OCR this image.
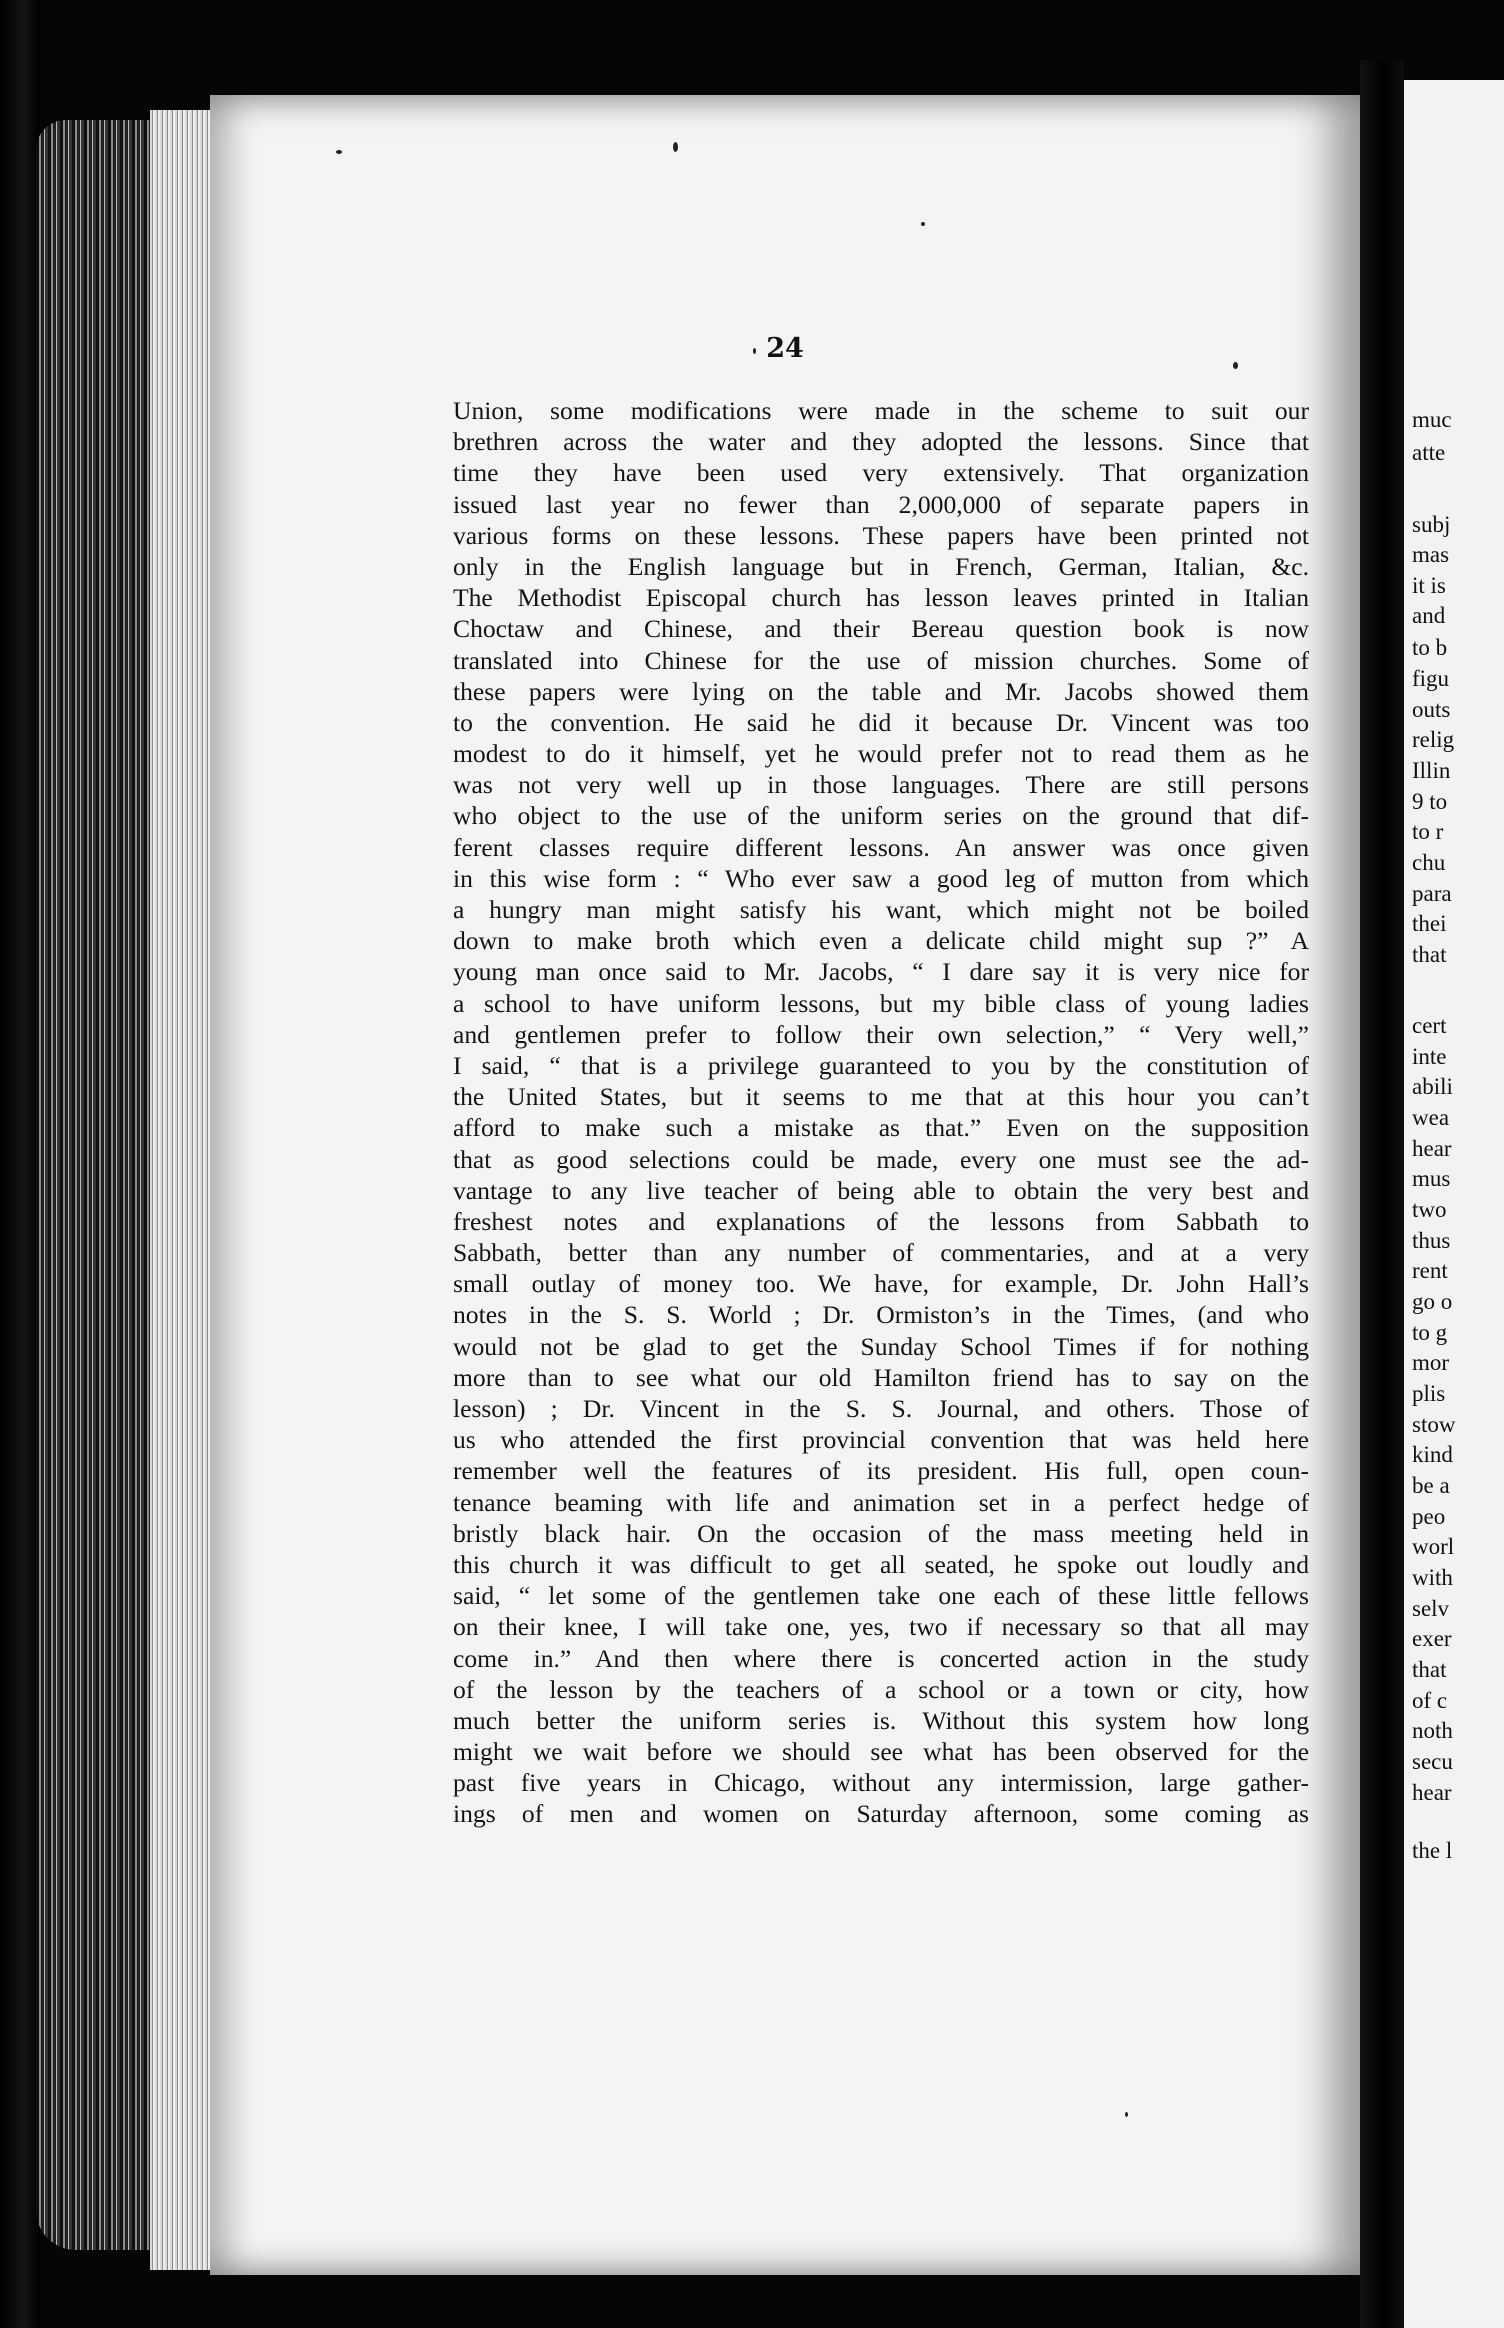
24
Union, some modifications were made in the scheme to suit our
brethren across the water and they adopted the lessons. Since that
time they have been used very extensively. That organization
issued last year no fewer than 2,000,000 of separate papers in
various forms on these lessons. These papers have been printed not
only in the English language but in French, German, Italian, &c.
The Methodist Episcopal church has lesson leaves printed in Italian
Choctaw and Chinese, and their Bereau question book is now
translated into Chinese for the use of mission churches. Some of
these papers were lying on the table and Mr. Jacobs showed them
to the convention. He said he did it because Dr. Vincent was too
modest to do it himself, yet he would prefer not to read them as he
was not very well up in those languages. There are still persons
who object to the use of the uniform series on the ground that dif-
ferent classes require different lessons. An answer was once given
in this wise form : “ Who ever saw a good leg of mutton from which
a hungry man might satisfy his want, which might not be boiled
down to make broth which even a delicate child might sup ?” A
young man once said to Mr. Jacobs, “ I dare say it is very nice for
a school to have uniform lessons, but my bible class of young ladies
and gentlemen prefer to follow their own selection,” “ Very well,”
I said, “ that is a privilege guaranteed to you by the constitution of
the United States, but it seems to me that at this hour you can’t
afford to make such a mistake as that.” Even on the supposition
that as good selections could be made, every one must see the ad-
vantage to any live teacher of being able to obtain the very best and
freshest notes and explanations of the lessons from Sabbath to
Sabbath, better than any number of commentaries, and at a very
small outlay of money too. We have, for example, Dr. John Hall’s
notes in the S. S. World ; Dr. Ormiston’s in the Times, (and who
would not be glad to get the Sunday School Times if for nothing
more than to see what our old Hamilton friend has to say on the
lesson) ; Dr. Vincent in the S. S. Journal, and others. Those of
us who attended the first provincial convention that was held here
remember well the features of its president. His full, open coun-
tenance beaming with life and animation set in a perfect hedge of
bristly black hair. On the occasion of the mass meeting held in
this church it was difficult to get all seated, he spoke out loudly and
said, “ let some of the gentlemen take one each of these little fellows
on their knee, I will take one, yes, two if necessary so that all may
come in.” And then where there is concerted action in the study
of the lesson by the teachers of a school or a town or city, how
much better the uniform series is. Without this system how long
might we wait before we should see what has been observed for the
past five years in Chicago, without any intermission, large gather-
ings of men and women on Saturday afternoon, some coming as
muc
atte
subj
mas
it is
and
to b
figu
outs
relig
Illin
9 to
to r
chu
para
thei
that
cert
inte
abili
wea
hear
mus
two
thus
rent
go o
to g
mor
plis
stow
kind
be a
peo
worl
with
selv
exer
that
of c
noth
secu
hear
the l
